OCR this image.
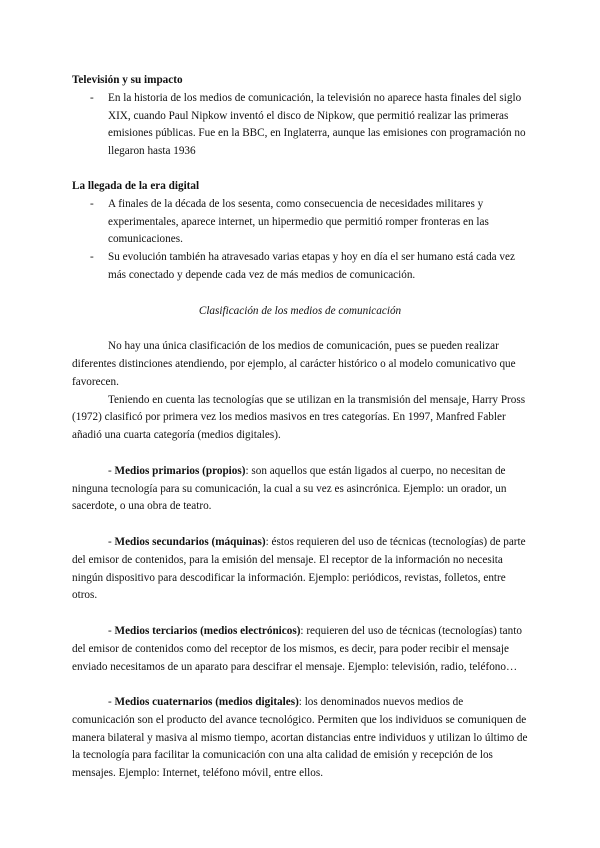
Televisión y su impacto
- En la historia de los medios de comunicación, la televisión no aparece hasta finales del siglo XIX, cuando Paul Nipkow inventó el disco de Nipkow, que permitió realizar las primeras emisiones públicas. Fue en la BBC, en Inglaterra, aunque las emisiones con programación no llegaron hasta 1936
La llegada de la era digital
- A finales de la década de los sesenta, como consecuencia de necesidades militares y experimentales, aparece internet, un hipermedio que permitió romper fronteras en las comunicaciones.
- Su evolución también ha atravesado varias etapas y hoy en día el ser humano está cada vez más conectado y depende cada vez de más medios de comunicación.

Clasificación de los medios de comunicación

No hay una única clasificación de los medios de comunicación, pues se pueden realizar diferentes distinciones atendiendo, por ejemplo, al carácter histórico o al modelo comunicativo que favorecen.

Teniendo en cuenta las tecnologías que se utilizan en la transmisión del mensaje, Harry Pross (1972) clasificó por primera vez los medios masivos en tres categorías. En 1997, Manfred Fabler añadió una cuarta categoría (medios digitales).

- Medios primarios (propios): son aquellos que están ligados al cuerpo, no necesitan de ninguna tecnología para su comunicación, la cual a su vez es asincrónica. Ejemplo: un orador, un sacerdote, o una obra de teatro.

- Medios secundarios (máquinas): éstos requieren del uso de técnicas (tecnologías) de parte del emisor de contenidos, para la emisión del mensaje. El receptor de la información no necesita ningún dispositivo para descodificar la información. Ejemplo: periódicos, revistas, folletos, entre otros.

- Medios terciarios (medios electrónicos): requieren del uso de técnicas (tecnologías) tanto del emisor de contenidos como del receptor de los mismos, es decir, para poder recibir el mensaje enviado necesitamos de un aparato para descifrar el mensaje. Ejemplo: televisión, radio, teléfono…

- Medios cuaternarios (medios digitales): los denominados nuevos medios de comunicación son el producto del avance tecnológico. Permiten que los individuos se comuniquen de manera bilateral y masiva al mismo tiempo, acortan distancias entre individuos y utilizan lo último de la tecnología para facilitar la comunicación con una alta calidad de emisión y recepción de los mensajes. Ejemplo: Internet, teléfono móvil, entre ellos.
